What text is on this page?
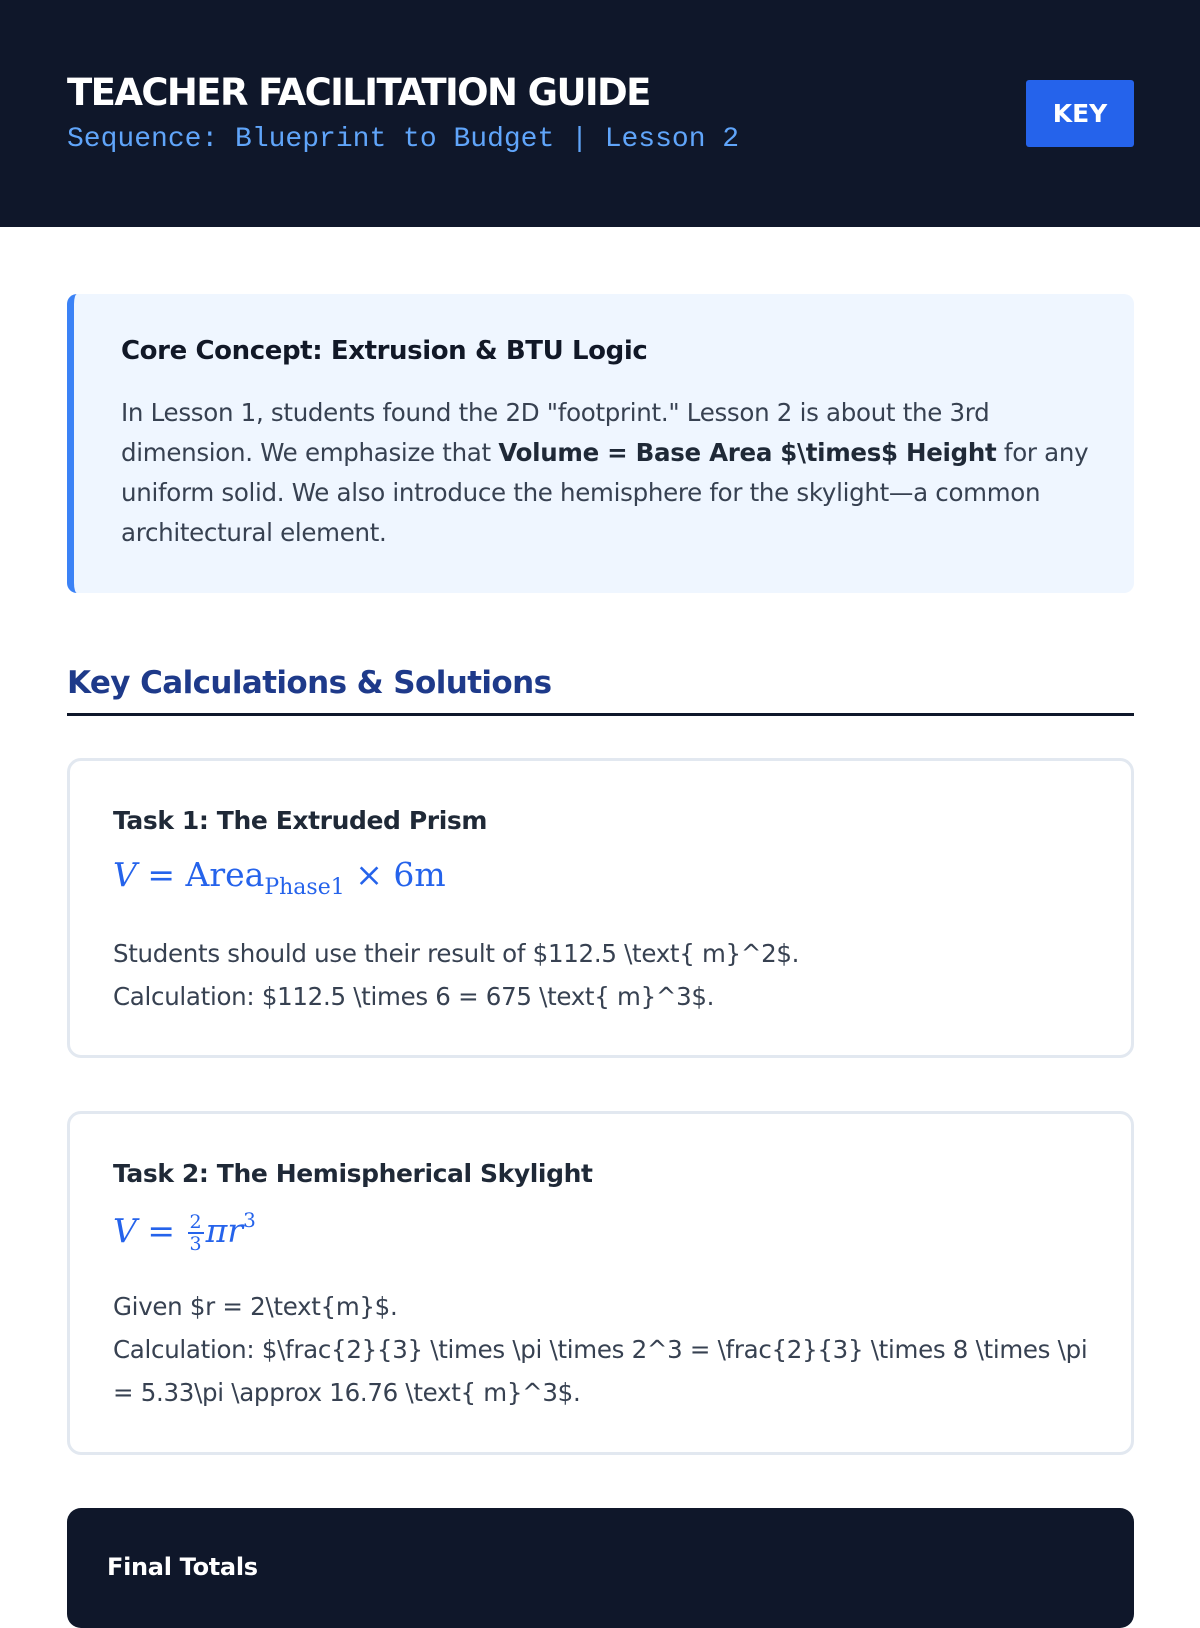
TEACHER FACILITATION GUIDE
Sequence: Blueprint to Budget | Lesson 2
KEY
Core Concept: Extrusion & BTU Logic
In Lesson 1, students found the 2D "footprint." Lesson 2 is about the 3rd dimension. We emphasize that Volume = Base Area $\times$ Height for any uniform solid. We also introduce the hemisphere for the skylight—a common architectural element.
Key Calculations & Solutions
Task 1: The Extruded Prism
V = Area$_{Phase1}$ × 6m

Students should use their result of $112.5 \text{ m}^2$.

Calculation: $112.5 \times 6 = 675 \text{ m}^3$.

Task 2: The Hemispherical Skylight
$V = \frac{2}{3} \pi r^3$

Given $r = 2\text{m}$.

Calculation: $\frac{2}{3} \times \pi \times 2^3 = \frac{2}{3} \times 8 \times \pi = 5.33\pi \approx 16.76 \text{ m}^3$.

Final Totals
